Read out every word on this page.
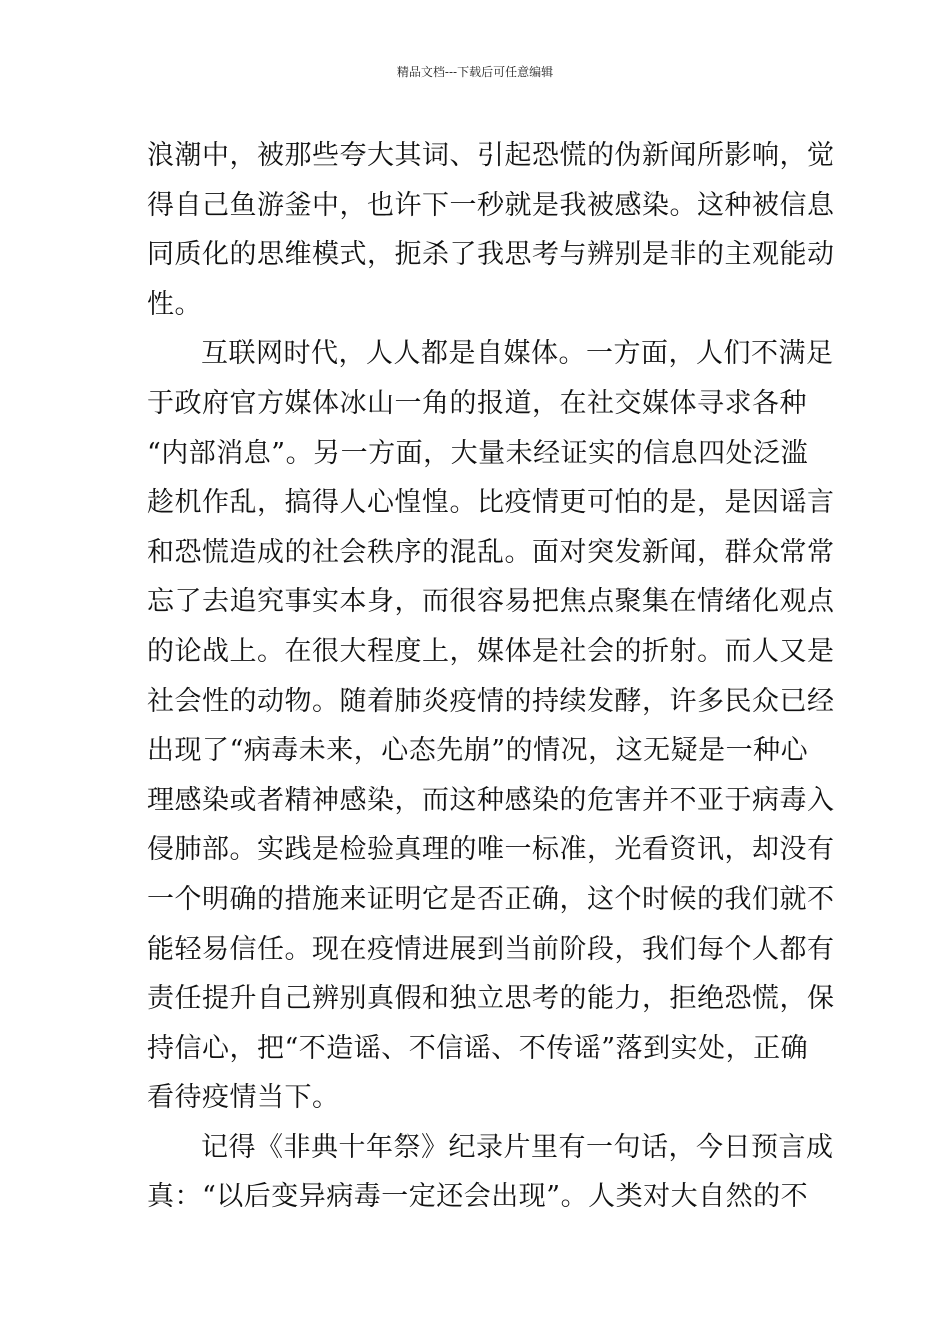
精品文档---下载后可任意编辑
浪潮中，被那些夸大其词、引起恐慌的伪新闻所影响，觉
得自己鱼游釜中，也许下一秒就是我被感染。这种被信息
同质化的思维模式，扼杀了我思考与辨别是非的主观能动
性。
互联网时代，人人都是自媒体。一方面，人们不满足
于政府官方媒体冰山一角的报道，在社交媒体寻求各种
“内部消息”。另一方面，大量未经证实的信息四处泛滥
趁机作乱，搞得人心惶惶。比疫情更可怕的是，是因谣言
和恐慌造成的社会秩序的混乱。面对突发新闻，群众常常
忘了去追究事实本身，而很容易把焦点聚集在情绪化观点
的论战上。在很大程度上，媒体是社会的折射。而人又是
社会性的动物。随着肺炎疫情的持续发酵，许多民众已经
出现了“病毒未来，心态先崩”的情况，这无疑是一种心
理感染或者精神感染，而这种感染的危害并不亚于病毒入
侵肺部。实践是检验真理的唯一标准，光看资讯，却没有
一个明确的措施来证明它是否正确，这个时候的我们就不
能轻易信任。现在疫情进展到当前阶段，我们每个人都有
责任提升自己辨别真假和独立思考的能力，拒绝恐慌，保
持信心，把“不造谣、不信谣、不传谣”落到实处，正确
看待疫情当下。
记得《非典十年祭》纪录片里有一句话，今日预言成
真：“以后变异病毒一定还会出现”。人类对大自然的不
